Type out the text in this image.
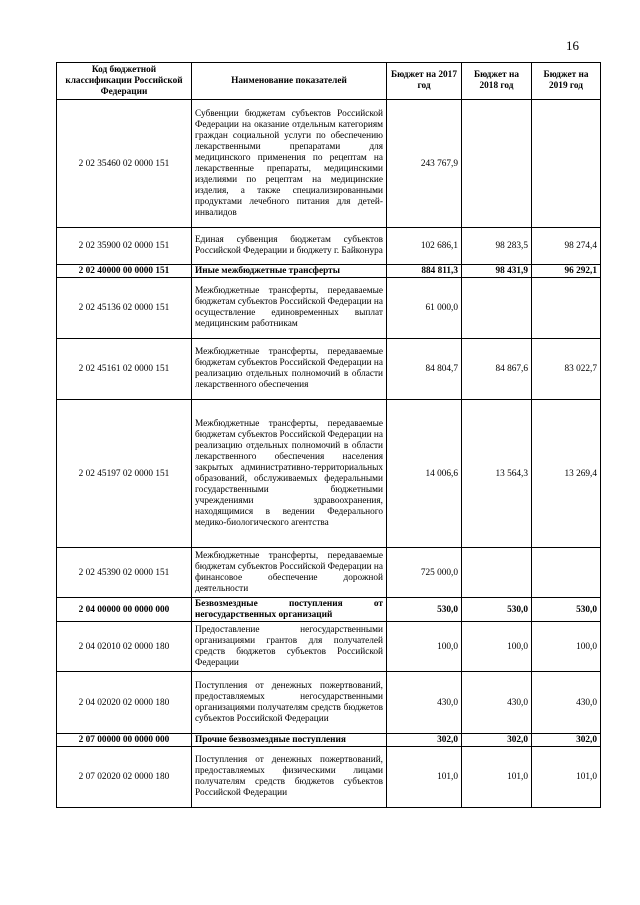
16
Код бюджетной классификации Российской Федерации	Наименование показателей	Бюджет на 2017 год	Бюджет на 2018 год	Бюджет на 2019 год
2 02 35460 02 0000 151	Субвенции бюджетам субъектов Российской Федерации на оказание отдельным категориям граждан социальной услуги по обеспечению лекарственными препаратами для медицинского применения по рецептам на лекарственные препараты, медицинскими изделиями по рецептам на медицинские изделия, а также специализированными продуктами лечебного питания для детей-инвалидов	243 767,9		
2 02 35900 02 0000 151	Единая субвенция бюджетам субъектов Российской Федерации и бюджету г. Байконура	102 686,1	98 283,5	98 274,4
2 02 40000 00 0000 151	Иные межбюджетные трансферты	884 811,3	98 431,9	96 292,1
2 02 45136 02 0000 151	Межбюджетные трансферты, передаваемые бюджетам субъектов Российской Федерации на осуществление единовременных выплат медицинским работникам	61 000,0		
2 02 45161 02 0000 151	Межбюджетные трансферты, передаваемые бюджетам субъектов Российской Федерации на реализацию отдельных полномочий в области лекарственного обеспечения	84 804,7	84 867,6	83 022,7
2 02 45197 02 0000 151	Межбюджетные трансферты, передаваемые бюджетам субъектов Российской Федерации на реализацию отдельных полномочий в области лекарственного обеспечения населения закрытых административно-территориальных образований, обслуживаемых федеральными государственными бюджетными учреждениями здравоохранения, находящимися в ведении Федерального медико-биологического агентства	14 006,6	13 564,3	13 269,4
2 02 45390 02 0000 151	Межбюджетные трансферты, передаваемые бюджетам субъектов Российской Федерации на финансовое обеспечение дорожной деятельности	725 000,0		
2 04 00000 00 0000 000	Безвозмездные поступления от негосударственных организаций	530,0	530,0	530,0
2 04 02010 02 0000 180	Предоставление негосударственными организациями грантов для получателей средств бюджетов субъектов Российской Федерации	100,0	100,0	100,0
2 04 02020 02 0000 180	Поступления от денежных пожертвований, предоставляемых негосударственными организациями получателям средств бюджетов субъектов Российской Федерации	430,0	430,0	430,0
2 07 00000 00 0000 000	Прочие безвозмездные поступления	302,0	302,0	302,0
2 07 02020 02 0000 180	Поступления от денежных пожертвований, предоставляемых физическими лицами получателям средств бюджетов субъектов Российской Федерации	101,0	101,0	101,0
